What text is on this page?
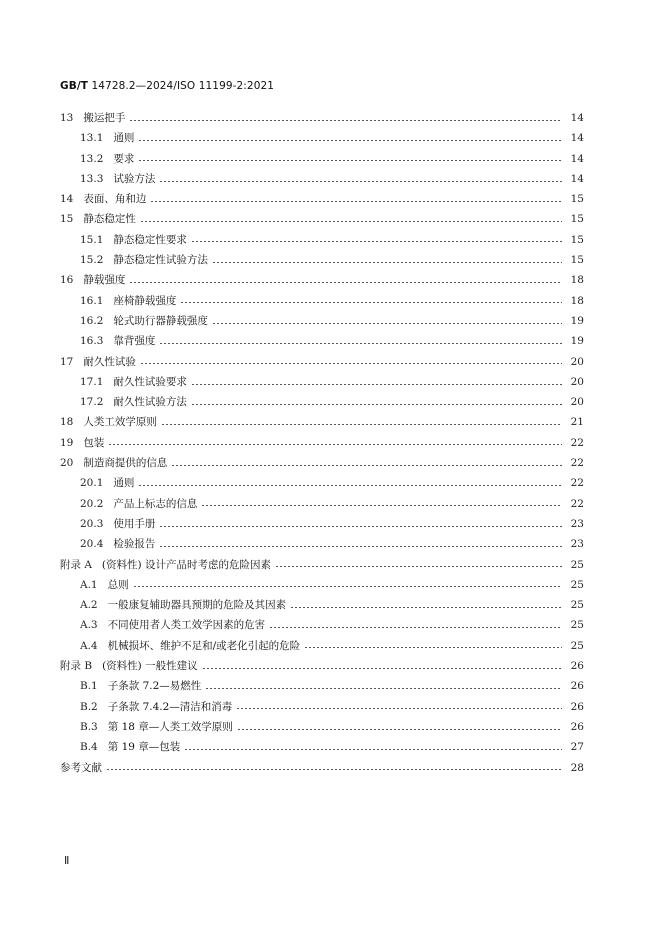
GB/T 14728.2—2024/ISO 11199-2:2021
13 搬运把手	14
13.1 通则	14
13.2 要求	14
13.3 试验方法	14
14 表面、角和边	15
15 静态稳定性	15
15.1 静态稳定性要求	15
15.2 静态稳定性试验方法	15
16 静载强度	18
16.1 座椅静载强度	18
16.2 轮式助行器静载强度	19
16.3 靠背强度	19
17 耐久性试验	20
17.1 耐久性试验要求	20
17.2 耐久性试验方法	20
18 人类工效学原则	21
19 包装	22
20 制造商提供的信息	22
20.1 通则	22
20.2 产品上标志的信息	22
20.3 使用手册	23
20.4 检验报告	23
附录 A (资料性) 设计产品时考虑的危险因素	25
A.1 总则	25
A.2 一般康复辅助器具预期的危险及其因素	25
A.3 不同使用者人类工效学因素的危害	25
A.4 机械损坏、维护不足和/或老化引起的危险	25
附录 B (资料性) 一般性建议	26
B.1 子条款 7.2—易燃性	26
B.2 子条款 7.4.2—清洁和消毒	26
B.3 第 18 章—人类工效学原则	26
B.4 第 19 章—包装	27
参考文献	28
Ⅱ
